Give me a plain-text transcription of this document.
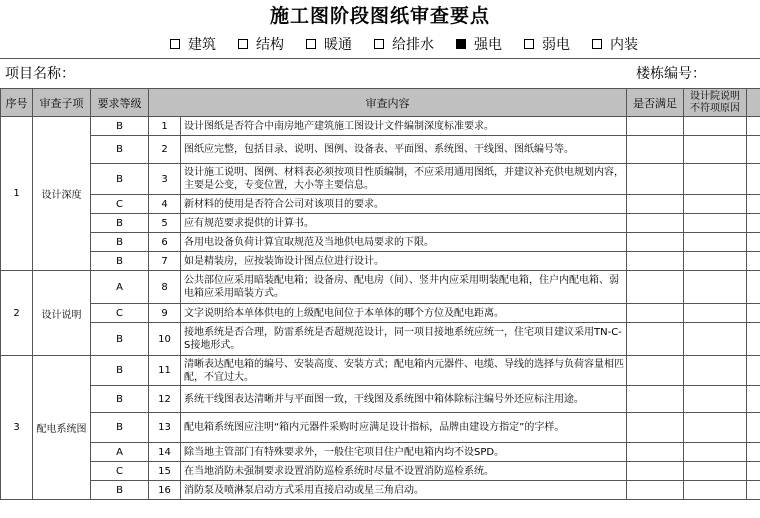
施工图阶段图纸审查要点
建筑	结构	暖通	给排水	强电	弱电	内装
项目名称：	楼栋编号：
序号	审查子项	要求等级	审查内容		是否满足	设计院说明不符项原因	
1	设计深度	B	1	设计图纸是否符合中南房地产建筑施工图设计文件编制深度标准要求。			
		B	2	图纸应完整，包括目录、说明、图例、设备表、平面图、系统图、干线图、图纸编号等。			
		B	3	设计施工说明、图例、材料表必须按项目性质编制，不应采用通用图纸，并建议补充供电规划内容，主要是公变，专变位置，大小等主要信息。			
		C	4	新材料的使用是否符合公司对该项目的要求。			
		B	5	应有规范要求提供的计算书。			
		B	6	各用电设备负荷计算宜取规范及当地供电局要求的下限。			
		B	7	如是精装房，应按装饰设计图点位进行设计。			
2	设计说明	A	8	公共部位应采用暗装配电箱；设备房、配电房（间）、竖井内应采用明装配电箱，住户内配电箱、弱电箱应采用暗装方式。			
		C	9	文字说明给本单体供电的上级配电间位于本单体的哪个方位及配电距离。			
		B	10	接地系统是否合理，防雷系统是否超规范设计，同一项目接地系统应统一，住宅项目建议采用TN-C-S接地形式。			
3	配电系统图	B	11	清晰表达配电箱的编号、安装高度、安装方式；配电箱内元器件、电缆、导线的选择与负荷容量相匹配，不宜过大。			
		B	12	系统干线图表达清晰并与平面图一致，干线图及系统图中箱体除标注编号外还应标注用途。			
		B	13	配电箱系统图应注明“箱内元器件采购时应满足设计指标，品牌由建设方指定”的字样。			
		A	14	除当地主管部门有特殊要求外，一般住宅项目住户配电箱内均不设SPD。			
		C	15	在当地消防未强制要求设置消防巡检系统时尽量不设置消防巡检系统。			
		B	16	消防泵及喷淋泵启动方式采用直接启动或星三角启动。			
